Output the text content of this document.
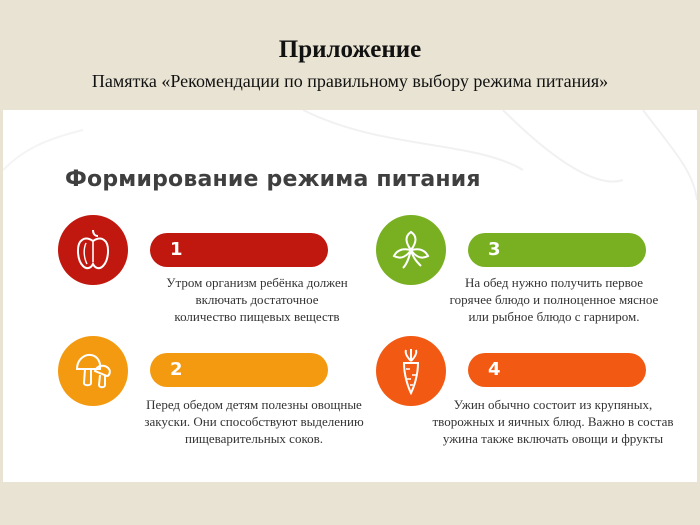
Приложение
Памятка «Рекомендации по правильному выбору режима питания»
Формирование режима питания
1
Утром организм ребёнка должен
включать достаточное
количество пищевых веществ
2
Перед обедом детям полезны овощные
закуски. Они способствуют выделению
пищеварительных соков.
3
На обед нужно получить первое
горячее блюдо и полноценное мясное
или рыбное блюдо с гарниром.
4
Ужин обычно состоит из крупяных,
творожных и яичных блюд. Важно в состав
ужина также включать овощи и фрукты
